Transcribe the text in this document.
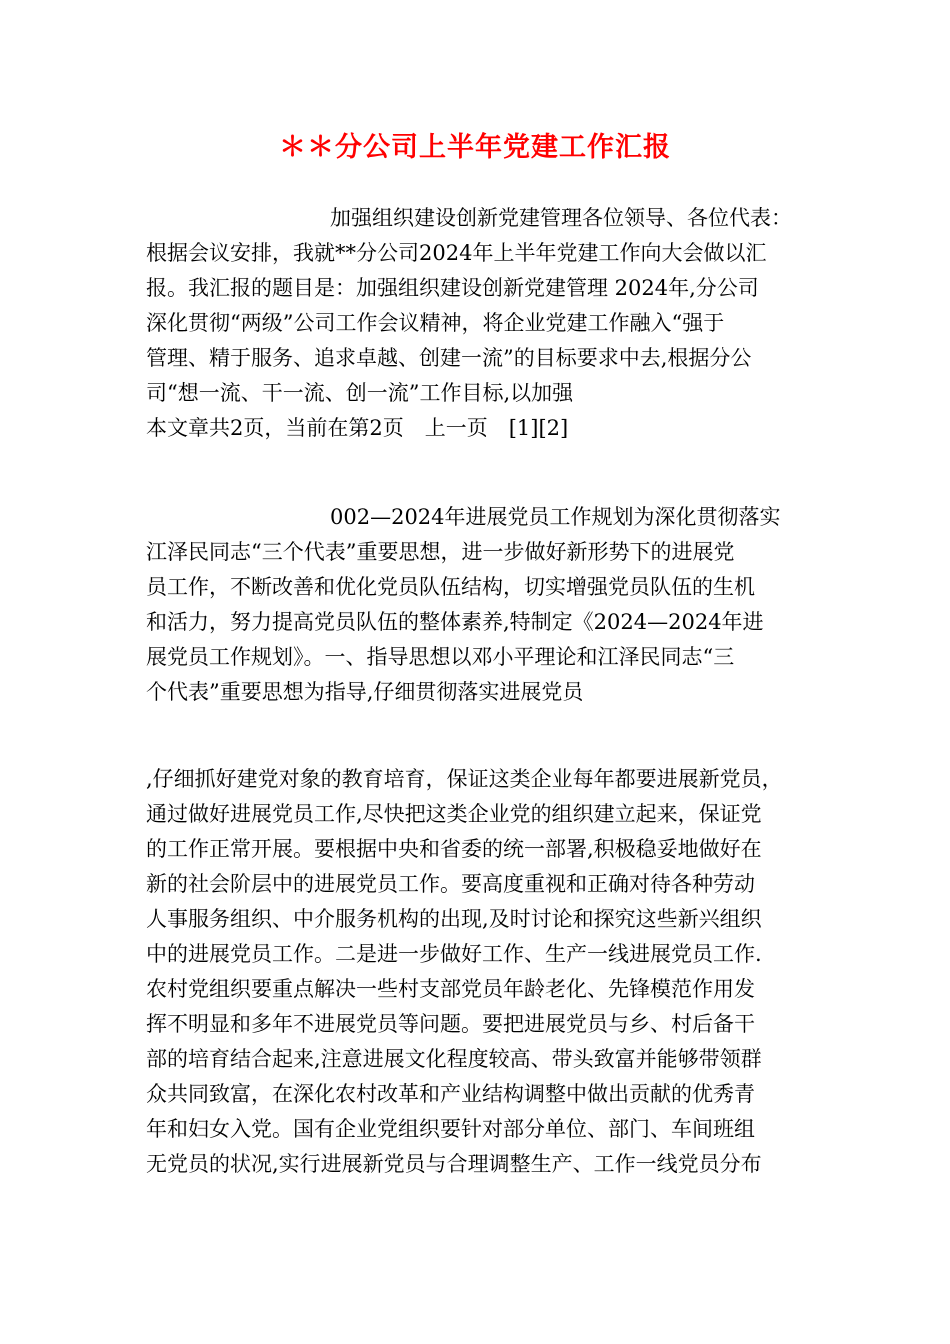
＊＊分公司上半年党建工作汇报
加强组织建设创新党建管理各位领导、各位代表：
根据会议安排，我就**分公司2024年上半年党建工作向大会做以汇
报。我汇报的题目是：加强组织建设创新党建管理 2024年,分公司
深化贯彻“两级”公司工作会议精神，将企业党建工作融入“强于
管理、精于服务、追求卓越、创建一流”的目标要求中去,根据分公
司“想一流、干一流、创一流”工作目标,以加强
本文章共2页，当前在第2页　上一页　[1][2]
002—2024年进展党员工作规划为深化贯彻落实
江泽民同志“三个代表”重要思想，进一步做好新形势下的进展党
员工作，不断改善和优化党员队伍结构，切实增强党员队伍的生机
和活力，努力提高党员队伍的整体素养,特制定《2024—2024年进
展党员工作规划》。一、指导思想以邓小平理论和江泽民同志“三
个代表”重要思想为指导,仔细贯彻落实进展党员
,仔细抓好建党对象的教育培育，保证这类企业每年都要进展新党员，
通过做好进展党员工作,尽快把这类企业党的组织建立起来，保证党
的工作正常开展。要根据中央和省委的统一部署,积极稳妥地做好在
新的社会阶层中的进展党员工作。要高度重视和正确对待各种劳动
人事服务组织、中介服务机构的出现,及时讨论和探究这些新兴组织
中的进展党员工作。二是进一步做好工作、生产一线进展党员工作.
农村党组织要重点解决一些村支部党员年龄老化、先锋模范作用发
挥不明显和多年不进展党员等问题。要把进展党员与乡、村后备干
部的培育结合起来,注意进展文化程度较高、带头致富并能够带领群
众共同致富，在深化农村改革和产业结构调整中做出贡献的优秀青
年和妇女入党。国有企业党组织要针对部分单位、部门、车间班组
无党员的状况,实行进展新党员与合理调整生产、工作一线党员分布
